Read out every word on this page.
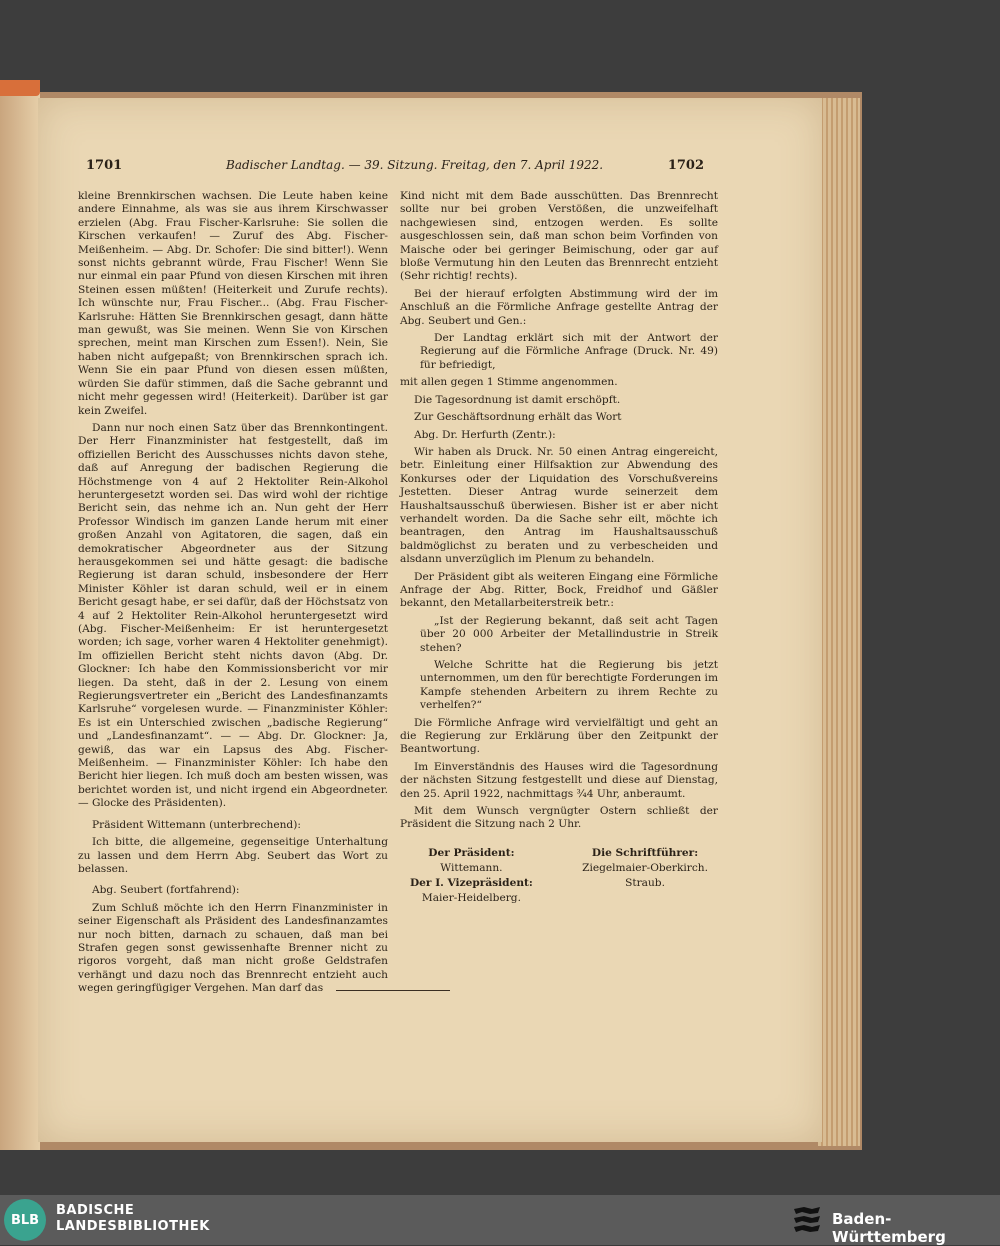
1701	Badischer Landtag. — 39. Sitzung. Freitag, den 7. April 1922.	1702

kleine Brennkirschen wachsen. Die Leute haben keine andere Einnahme, als was sie aus ihrem Kirschwasser erzielen (Abg. Frau Fischer-Karlsruhe: Sie sollen die Kirschen verkaufen! — Zuruf des Abg. Fischer-Meißenheim. — Abg. Dr. Schofer: Die sind bitter!). Wenn sonst nichts gebrannt würde, Frau Fischer! Wenn Sie nur einmal ein paar Pfund von diesen Kirschen mit ihren Steinen essen müßten! (Heiterkeit und Zurufe rechts). Ich wünschte nur, Frau Fischer... (Abg. Frau Fischer-Karlsruhe: Hätten Sie Brennkirschen gesagt, dann hätte man gewußt, was Sie meinen. Wenn Sie von Kirschen sprechen, meint man Kirschen zum Essen!). Nein, Sie haben nicht aufgepaßt; von Brennkirschen sprach ich. Wenn Sie ein paar Pfund von diesen essen müßten, würden Sie dafür stimmen, daß die Sache gebrannt und nicht mehr gegessen wird! (Heiterkeit). Darüber ist gar kein Zweifel.

Dann nur noch einen Satz über das Brennkontingent. Der Herr Finanzminister hat festgestellt, daß im offiziellen Bericht des Ausschusses nichts davon stehe, daß auf Anregung der badischen Regierung die Höchstmenge von 4 auf 2 Hektoliter Rein-Alkohol heruntergesetzt worden sei. Das wird wohl der richtige Bericht sein, das nehme ich an. Nun geht der Herr Professor Windisch im ganzen Lande herum mit einer großen Anzahl von Agitatoren, die sagen, daß ein demokratischer Abgeordneter aus der Sitzung herausgekommen sei und hätte gesagt: die badische Regierung ist daran schuld, insbesondere der Herr Minister Köhler ist daran schuld, weil er in einem Bericht gesagt habe, er sei dafür, daß der Höchstsatz von 4 auf 2 Hektoliter Rein-Alkohol heruntergesetzt wird (Abg. Fischer-Meißenheim: Er ist heruntergesetzt worden; ich sage, vorher waren 4 Hektoliter genehmigt). Im offiziellen Bericht steht nichts davon (Abg. Dr. Glockner: Ich habe den Kommissionsbericht vor mir liegen. Da steht, daß in der 2. Lesung von einem Regierungsvertreter ein „Bericht des Landesfinanzamts Karlsruhe“ vorgelesen wurde. — Finanzminister Köhler: Es ist ein Unterschied zwischen „badische Regierung“ und „Landesfinanzamt“. — — Abg. Dr. Glockner: Ja, gewiß, das war ein Lapsus des Abg. Fischer-Meißenheim. — Finanzminister Köhler: Ich habe den Bericht hier liegen. Ich muß doch am besten wissen, was berichtet worden ist, und nicht irgend ein Abgeordneter. — Glocke des Präsidenten).

Präsident Wittemann (unterbrechend):

Ich bitte, die allgemeine, gegenseitige Unterhaltung zu lassen und dem Herrn Abg. Seubert das Wort zu belassen.

Abg. Seubert (fortfahrend):

Zum Schluß möchte ich den Herrn Finanzminister in seiner Eigenschaft als Präsident des Landesfinanzamtes nur noch bitten, darnach zu schauen, daß man bei Strafen gegen sonst gewissenhafte Brenner nicht zu rigoros vorgeht, daß man nicht große Geldstrafen verhängt und dazu noch das Brennrecht entzieht auch wegen geringfügiger Vergehen. Man darf das

Kind nicht mit dem Bade ausschütten. Das Brennrecht sollte nur bei groben Verstößen, die unzweifelhaft nachgewiesen sind, entzogen werden. Es sollte ausgeschlossen sein, daß man schon beim Vorfinden von Maische oder bei geringer Beimischung, oder gar auf bloße Vermutung hin den Leuten das Brennrecht entzieht (Sehr richtig! rechts).

Bei der hierauf erfolgten Abstimmung wird der im Anschluß an die Förmliche Anfrage gestellte Antrag der Abg. Seubert und Gen.:

Der Landtag erklärt sich mit der Antwort der Regierung auf die Förmliche Anfrage (Druck. Nr. 49) für befriedigt,

mit allen gegen 1 Stimme angenommen.

Die Tagesordnung ist damit erschöpft.

Zur Geschäftsordnung erhält das Wort

Abg. Dr. Herfurth (Zentr.):

Wir haben als Druck. Nr. 50 einen Antrag eingereicht, betr. Einleitung einer Hilfsaktion zur Abwendung des Konkurses oder der Liquidation des Vorschußvereins Jestetten. Dieser Antrag wurde seinerzeit dem Haushaltsausschuß überwiesen. Bisher ist er aber nicht verhandelt worden. Da die Sache sehr eilt, möchte ich beantragen, den Antrag im Haushaltsausschuß baldmöglichst zu beraten und zu verbescheiden und alsdann unverzüglich im Plenum zu behandeln.

Der Präsident gibt als weiteren Eingang eine Förmliche Anfrage der Abg. Ritter, Bock, Freidhof und Gäßler bekannt, den Metallarbeiterstreik betr.:

„Ist der Regierung bekannt, daß seit acht Tagen über 20 000 Arbeiter der Metallindustrie in Streik stehen?

Welche Schritte hat die Regierung bis jetzt unternommen, um den für berechtigte Forderungen im Kampfe stehenden Arbeitern zu ihrem Rechte zu verhelfen?“

Die Förmliche Anfrage wird vervielfältigt und geht an die Regierung zur Erklärung über den Zeitpunkt der Beantwortung.

Im Einverständnis des Hauses wird die Tagesordnung der nächsten Sitzung festgestellt und diese auf Dienstag, den 25. April 1922, nachmittags ¾4 Uhr, anberaumt.

Mit dem Wunsch vergnügter Ostern schließt der Präsident die Sitzung nach 2 Uhr.

Der Präsident:
Wittemann.
Der I. Vizepräsident:
Maier-Heidelberg.
Die Schriftführer:
Ziegelmaier-Oberkirch.
Straub.
BLB
BADISCHE
LANDESBIBLIOTHEK	Baden-Württemberg
